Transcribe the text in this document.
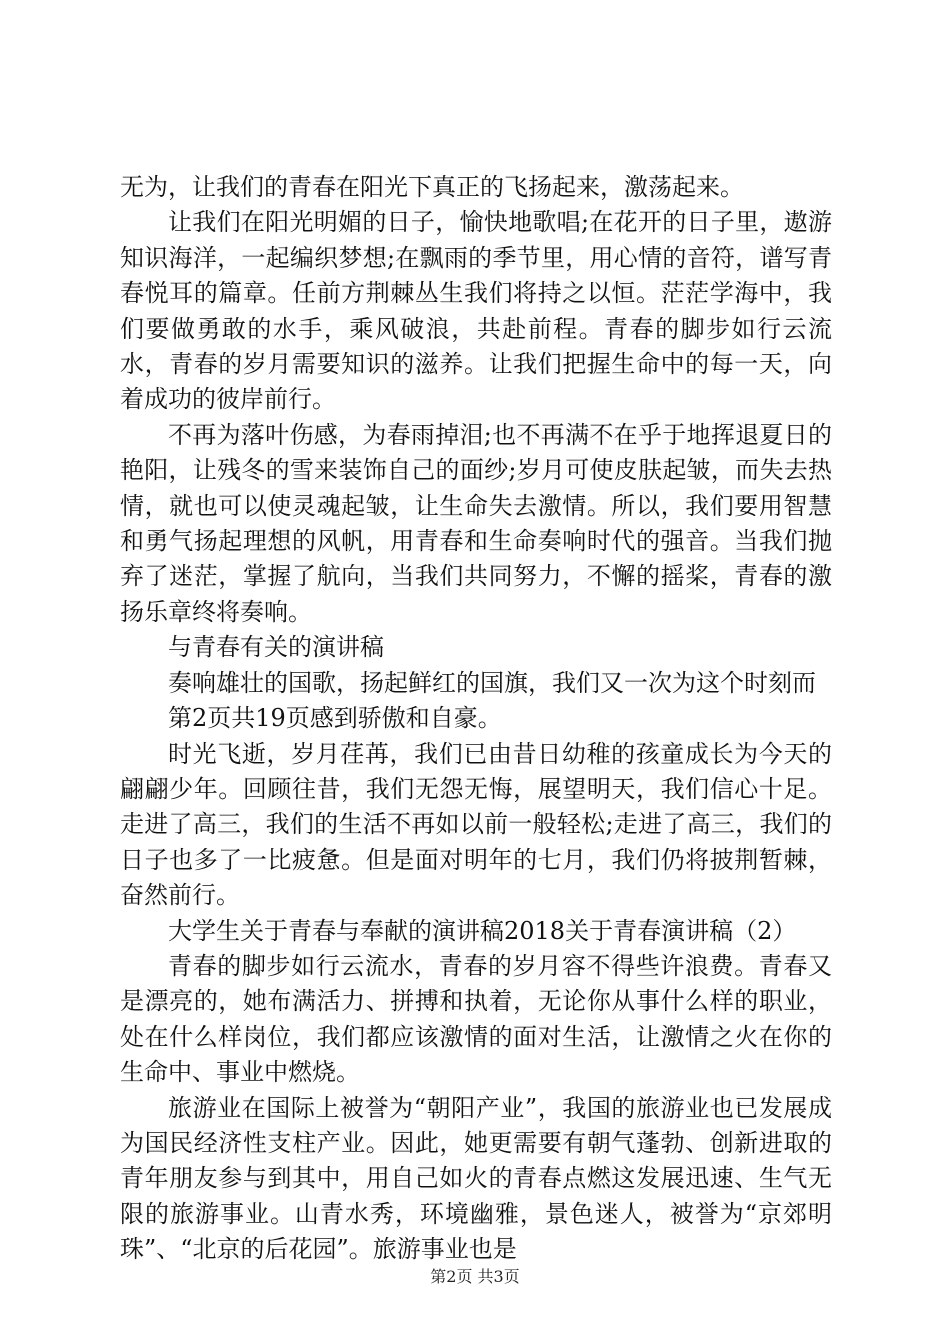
无为，让我们的青春在阳光下真正的飞扬起来，激荡起来。

让我们在阳光明媚的日子，愉快地歌唱;在花开的日子里，遨游知识海洋，一起编织梦想;在飘雨的季节里，用心情的音符，谱写青春悦耳的篇章。任前方荆棘丛生我们将持之以恒。茫茫学海中，我们要做勇敢的水手，乘风破浪，共赴前程。青春的脚步如行云流水，青春的岁月需要知识的滋养。让我们把握生命中的每一天，向着成功的彼岸前行。

不再为落叶伤感，为春雨掉泪;也不再满不在乎于地挥退夏日的艳阳，让残冬的雪来装饰自己的面纱;岁月可使皮肤起皱，而失去热情，就也可以使灵魂起皱，让生命失去激情。所以，我们要用智慧和勇气扬起理想的风帆，用青春和生命奏响时代的强音。当我们抛弃了迷茫，掌握了航向，当我们共同努力，不懈的摇桨，青春的激扬乐章终将奏响。

与青春有关的演讲稿

奏响雄壮的国歌，扬起鲜红的国旗，我们又一次为这个时刻而

第2页共19页感到骄傲和自豪。

时光飞逝，岁月荏苒，我们已由昔日幼稚的孩童成长为今天的翩翩少年。回顾往昔，我们无怨无悔，展望明天，我们信心十足。走进了高三，我们的生活不再如以前一般轻松;走进了高三，我们的日子也多了一比疲惫。但是面对明年的七月，我们仍将披荆暂棘，奋然前行。

大学生关于青春与奉献的演讲稿2018关于青春演讲稿（2）

青春的脚步如行云流水，青春的岁月容不得些许浪费。青春又是漂亮的，她布满活力、拼搏和执着，无论你从事什么样的职业，处在什么样岗位，我们都应该激情的面对生活，让激情之火在你的生命中、事业中燃烧。

旅游业在国际上被誉为“朝阳产业”，我国的旅游业也已发展成为国民经济性支柱产业。因此，她更需要有朝气蓬勃、创新进取的青年朋友参与到其中，用自己如火的青春点燃这发展迅速、生气无限的旅游事业。山青水秀，环境幽雅，景色迷人，被誉为“京郊明珠”、“北京的后花园”。旅游事业也是

第2页 共3页
